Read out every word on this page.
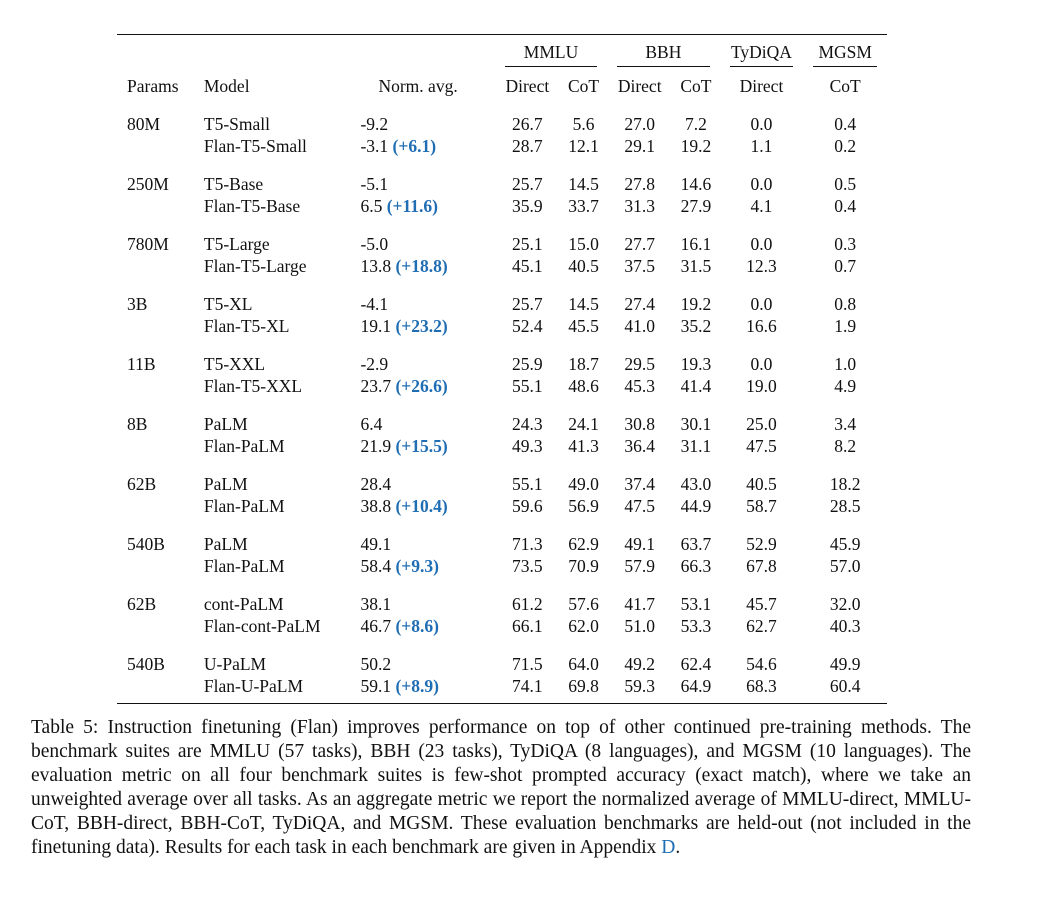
			MMLU		BBH		TyDiQA	MGSM

Params	Model	Norm. avg.	Direct	CoT	Direct	CoT	Direct	CoT
80M	T5-Small	-9.2	26.7	5.6	27.0	7.2	0.0	0.4
	Flan-T5-Small	-3.1 (+6.1)	28.7	12.1	29.1	19.2	1.1	0.2
250M	T5-Base	-5.1	25.7	14.5	27.8	14.6	0.0	0.5
	Flan-T5-Base	6.5 (+11.6)	35.9	33.7	31.3	27.9	4.1	0.4
780M	T5-Large	-5.0	25.1	15.0	27.7	16.1	0.0	0.3
	Flan-T5-Large	13.8 (+18.8)	45.1	40.5	37.5	31.5	12.3	0.7
3B	T5-XL	-4.1	25.7	14.5	27.4	19.2	0.0	0.8
	Flan-T5-XL	19.1 (+23.2)	52.4	45.5	41.0	35.2	16.6	1.9
11B	T5-XXL	-2.9	25.9	18.7	29.5	19.3	0.0	1.0
	Flan-T5-XXL	23.7 (+26.6)	55.1	48.6	45.3	41.4	19.0	4.9
8B	PaLM	6.4	24.3	24.1	30.8	30.1	25.0	3.4
	Flan-PaLM	21.9 (+15.5)	49.3	41.3	36.4	31.1	47.5	8.2
62B	PaLM	28.4	55.1	49.0	37.4	43.0	40.5	18.2
	Flan-PaLM	38.8 (+10.4)	59.6	56.9	47.5	44.9	58.7	28.5
540B	PaLM	49.1	71.3	62.9	49.1	63.7	52.9	45.9
	Flan-PaLM	58.4 (+9.3)	73.5	70.9	57.9	66.3	67.8	57.0
62B	cont-PaLM	38.1	61.2	57.6	41.7	53.1	45.7	32.0
	Flan-cont-PaLM	46.7 (+8.6)	66.1	62.0	51.0	53.3	62.7	40.3
540B	U-PaLM	50.2	71.5	64.0	49.2	62.4	54.6	49.9
	Flan-U-PaLM	59.1 (+8.9)	74.1	69.8	59.3	64.9	68.3	60.4
Table 5: Instruction finetuning (Flan) improves performance on top of other continued pre-training methods. The benchmark suites are MMLU (57 tasks), BBH (23 tasks), TyDiQA (8 languages), and MGSM (10 languages). The evaluation metric on all four benchmark suites is few-shot prompted accuracy (exact match), where we take an unweighted average over all tasks. As an aggregate metric we report the normalized average of MMLU-direct, MMLU-CoT, BBH-direct, BBH-CoT, TyDiQA, and MGSM. These evaluation benchmarks are held-out (not included in the finetuning data). Results for each task in each benchmark are given in Appendix D.
